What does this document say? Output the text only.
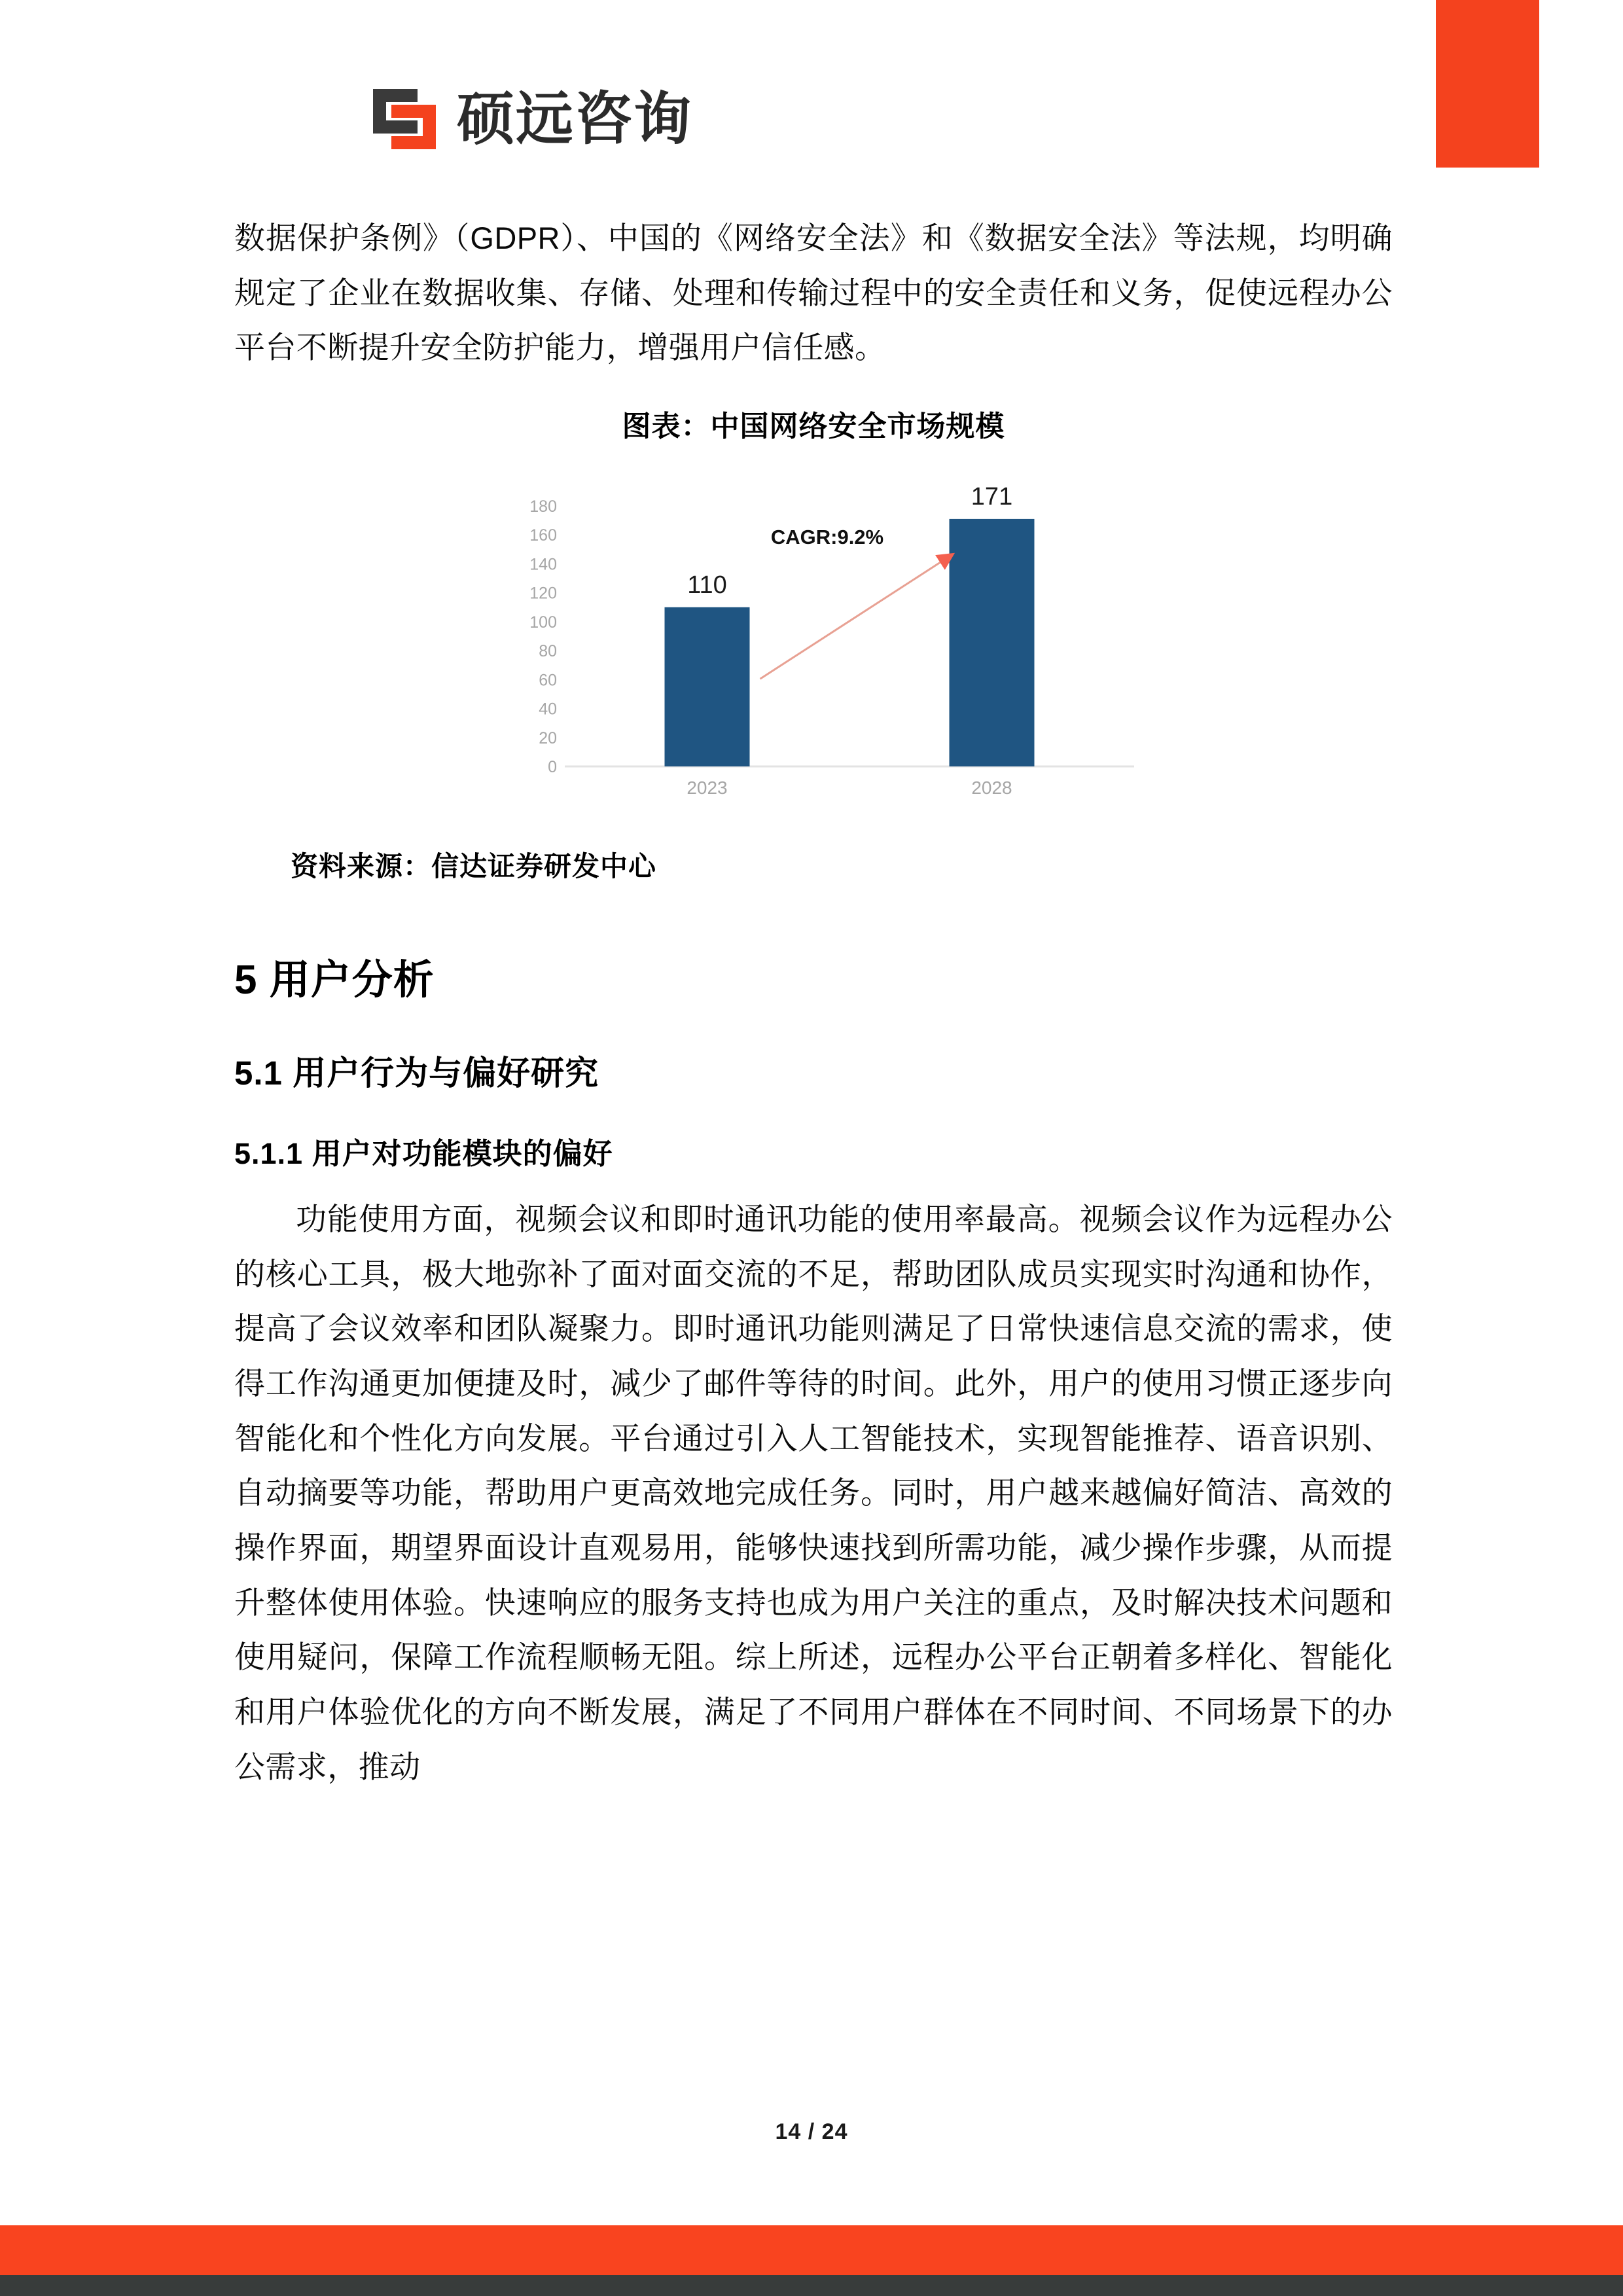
硕远咨询

数据保护条例》（GDPR）、中国的《网络安全法》和《数据安全法》等法规，均明确规定了企业在数据收集、存储、处理和传输过程中的安全责任和义务，促使远程办公平台不断提升安全防护能力，增强用户信任感。

图表：中国网络安全市场规模
0
20
40
60
80
100
120
140
160
180
110
171
2023	2028
CAGR:9.2%
资料来源：信达证券研发中心
5 用户分析
5.1 用户行为与偏好研究
5.1.1 用户对功能模块的偏好

功能使用方面，视频会议和即时通讯功能的使用率最高。视频会议作为远程办公的核心工具，极大地弥补了面对面交流的不足，帮助团队成员实现实时沟通和协作，提高了会议效率和团队凝聚力。即时通讯功能则满足了日常快速信息交流的需求，使得工作沟通更加便捷及时，减少了邮件等待的时间。此外，用户的使用习惯正逐步向智能化和个性化方向发展。平台通过引入人工智能技术，实现智能推荐、语音识别、自动摘要等功能，帮助用户更高效地完成任务。同时，用户越来越偏好简洁、高效的操作界面，期望界面设计直观易用，能够快速找到所需功能，减少操作步骤，从而提升整体使用体验。快速响应的服务支持也成为用户关注的重点，及时解决技术问题和使用疑问，保障工作流程顺畅无阻。综上所述，远程办公平台正朝着多样化、智能化和用户体验优化的方向不断发展，满足了不同用户群体在不同时间、不同场景下的办公需求，推动

14 / 24
